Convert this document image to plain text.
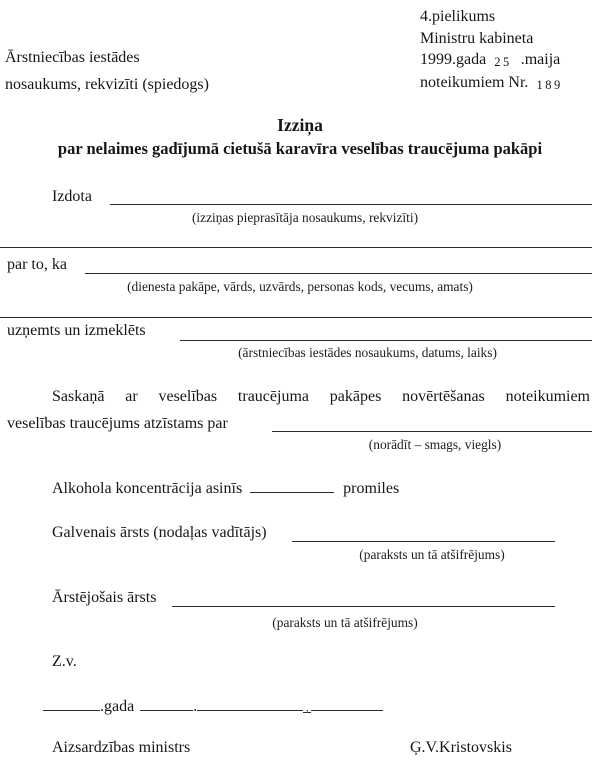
Ārstniecības iestādes
nosaukums, rekvizīti (spiedogs)
4.pielikums
Ministru kabineta
1999.gada 25 .maija
noteikumiem Nr. 189
Izziņa
par nelaimes gadījumā cietušā karavīra veselības traucējuma pakāpi
Izdota
(izziņas pieprasītāja nosaukums, rekvizīti)
par to, ka
(dienesta pakāpe, vārds, uzvārds, personas kods, vecums, amats)
uzņemts un izmeklēts
(ārstniecības iestādes nosaukums, datums, laiks)
Saskaņā ar veselības traucējuma pakāpes novērtēšanas noteikumiem
veselības traucējums atzīstams par
(norādīt – smags, viegls)
Alkohola koncentrācija asinīs	promiles
Galvenais ārsts (nodaļas vadītājs)
(paraksts un tā atšifrējums)
Ārstējošais ārsts
(paraksts un tā atšifrējums)
Z.v.
.gada	.	,
Aizsardzības ministrs	Ģ.V.Kristovskis
